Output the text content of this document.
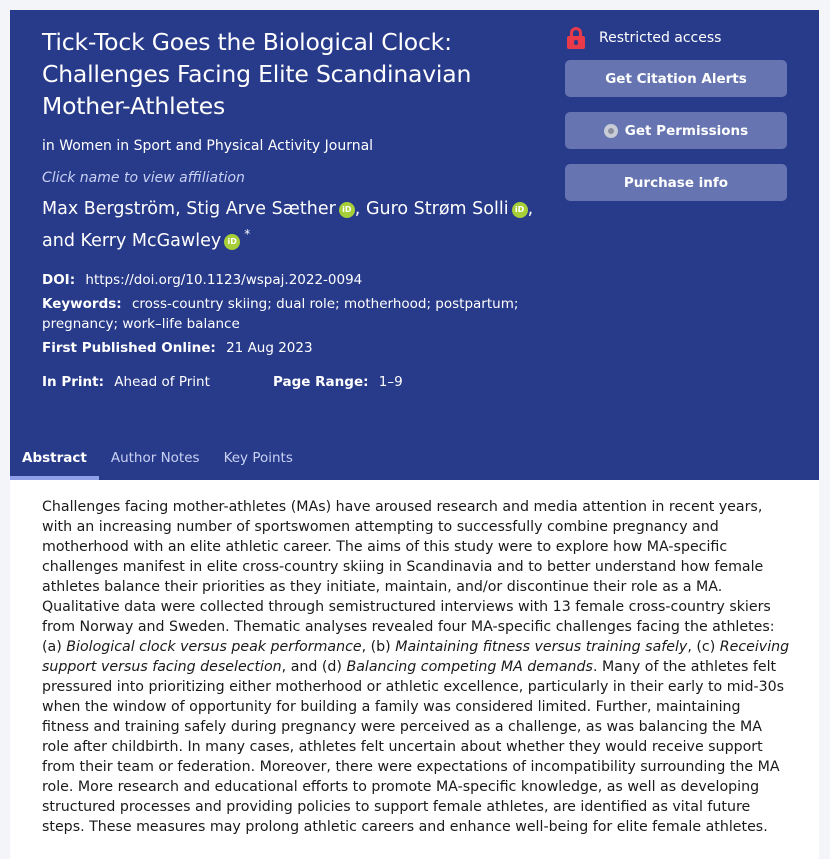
Tick-Tock Goes the Biological Clock:
Challenges Facing Elite Scandinavian
Mother-Athletes
in Women in Sport and Physical Activity Journal
Click name to view affiliation
Max Bergström, Stig Arve Sæther iD , Guro Strøm Solli iD ,
and Kerry McGawley iD*
DOI: https://doi.org/10.1123/wspaj.2022-0094
Keywords: cross-country skiing; dual role; motherhood; postpartum;
pregnancy; work–life balance
First Published Online: 21 Aug 2023
In Print: Ahead of Print	Page Range: 1–9
Restricted access
Get Citation Alerts
Get Permissions
Purchase info
Abstract	Author Notes	Key Points

Challenges facing mother-athletes (MAs) have aroused research and media attention in recent years, with an increasing number of sportswomen attempting to successfully combine pregnancy and motherhood with an elite athletic career. The aims of this study were to explore how MA-specific challenges manifest in elite cross-country skiing in Scandinavia and to better understand how female athletes balance their priorities as they initiate, maintain, and/or discontinue their role as a MA. Qualitative data were collected through semistructured interviews with 13 female cross-country skiers from Norway and Sweden. Thematic analyses revealed four MA-specific challenges facing the athletes: (a) Biological clock versus peak performance, (b) Maintaining fitness versus training safely, (c) Receiving support versus facing deselection, and (d) Balancing competing MA demands. Many of the athletes felt pressured into prioritizing either motherhood or athletic excellence, particularly in their early to mid-30s when the window of opportunity for building a family was considered limited. Further, maintaining fitness and training safely during pregnancy were perceived as a challenge, as was balancing the MA role after childbirth. In many cases, athletes felt uncertain about whether they would receive support from their team or federation. Moreover, there were expectations of incompatibility surrounding the MA role. More research and educational efforts to promote MA-specific knowledge, as well as developing structured processes and providing policies to support female athletes, are identified as vital future steps. These measures may prolong athletic careers and enhance well-being for elite female athletes.
